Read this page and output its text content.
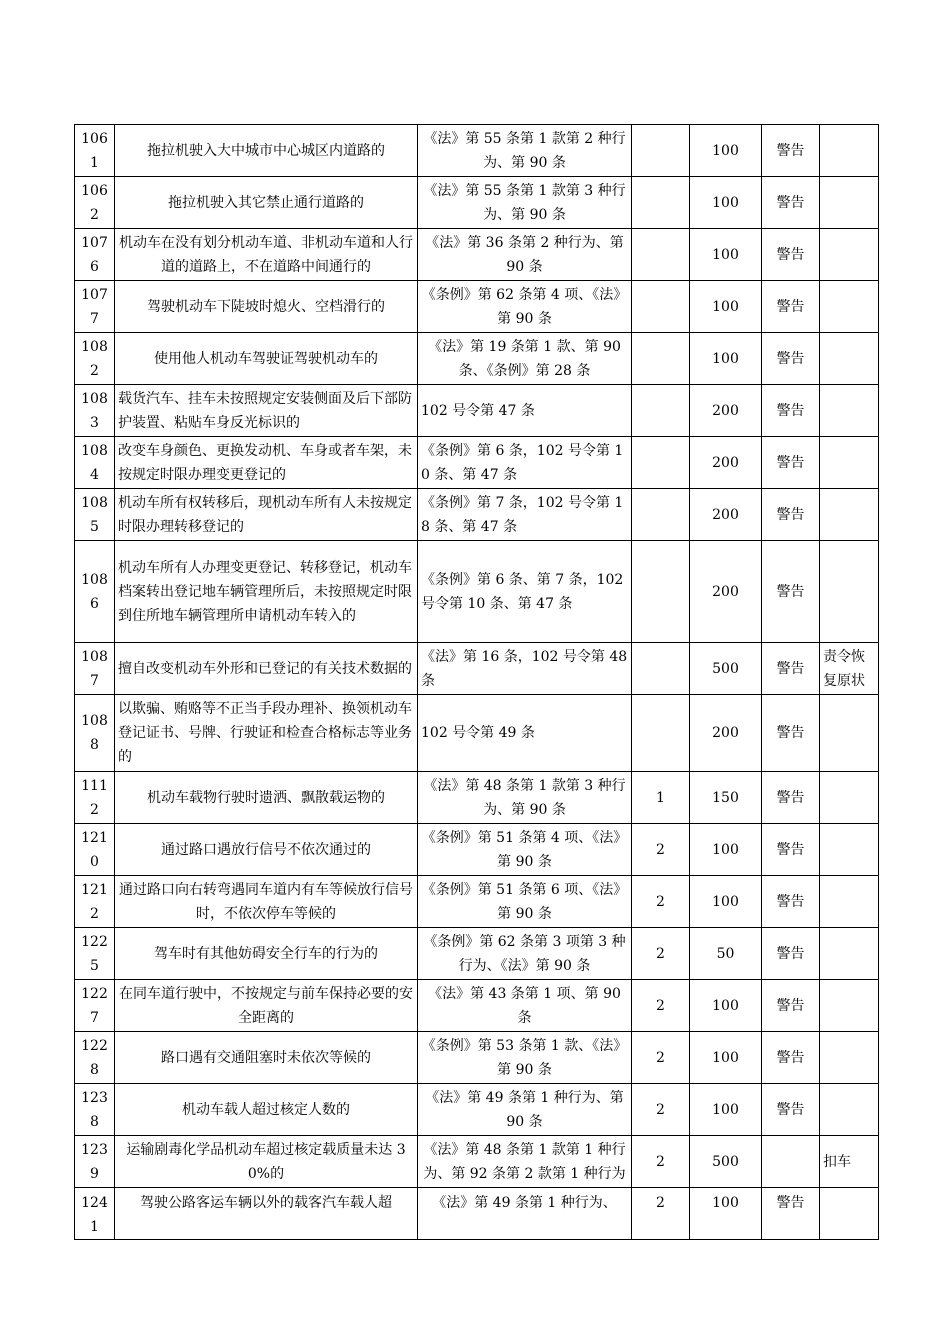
1061	拖拉机驶入大中城市中心城区内道路的	《法》第 55 条第 1 款第 2 种行为、第 90 条		100	警告	
1062	拖拉机驶入其它禁止通行道路的	《法》第 55 条第 1 款第 3 种行为、第 90 条		100	警告	
1076	机动车在没有划分机动车道、非机动车道和人行道的道路上，不在道路中间通行的	《法》第 36 条第 2 种行为、第 90 条		100	警告	
1077	驾驶机动车下陡坡时熄火、空档滑行的	《条例》第 62 条第 4 项、《法》第 90 条		100	警告	
1082	使用他人机动车驾驶证驾驶机动车的	《法》第 19 条第 1 款、第 90 条、《条例》第 28 条		100	警告	
1083	载货汽车、挂车未按照规定安装侧面及后下部防护装置、粘贴车身反光标识的	102 号令第 47 条		200	警告	
1084	改变车身颜色、更换发动机、车身或者车架，未按规定时限办理变更登记的	《条例》第 6 条，102 号令第 10 条、第 47 条		200	警告	
1085	机动车所有权转移后，现机动车所有人未按规定时限办理转移登记的	《条例》第 7 条，102 号令第 18 条、第 47 条		200	警告	
1086	机动车所有人办理变更登记、转移登记，机动车档案转出登记地车辆管理所后，未按照规定时限到住所地车辆管理所申请机动车转入的	《条例》第 6 条、第 7 条，102 号令第 10 条、第 47 条		200	警告	
1087	擅自改变机动车外形和已登记的有关技术数据的	《法》第 16 条，102 号令第 48 条		500	警告	责令恢复原状
1088	以欺骗、贿赂等不正当手段办理补、换领机动车登记证书、号牌、行驶证和检查合格标志等业务的	102 号令第 49 条		200	警告	
1112	机动车载物行驶时遗洒、飘散载运物的	《法》第 48 条第 1 款第 3 种行为、第 90 条	1	150	警告	
1210	通过路口遇放行信号不依次通过的	《条例》第 51 条第 4 项、《法》第 90 条	2	100	警告	
1212	通过路口向右转弯遇同车道内有车等候放行信号时，不依次停车等候的	《条例》第 51 条第 6 项、《法》第 90 条	2	100	警告	
1225	驾车时有其他妨碍安全行车的行为的	《条例》第 62 条第 3 项第 3 种行为、《法》第 90 条	2	50	警告	
1227	在同车道行驶中，不按规定与前车保持必要的安全距离的	《法》第 43 条第 1 项、第 90 条	2	100	警告	
1228	路口遇有交通阻塞时未依次等候的	《条例》第 53 条第 1 款、《法》第 90 条	2	100	警告	
1238	机动车载人超过核定人数的	《法》第 49 条第 1 种行为、第 90 条	2	100	警告	
1239	运输剧毒化学品机动车超过核定载质量未达 30%的	《法》第 48 条第 1 款第 1 种行为、第 92 条第 2 款第 1 种行为	2	500		扣车
1241	驾驶公路客运车辆以外的载客汽车载人超	《法》第 49 条第 1 种行为、	2	100	警告	
